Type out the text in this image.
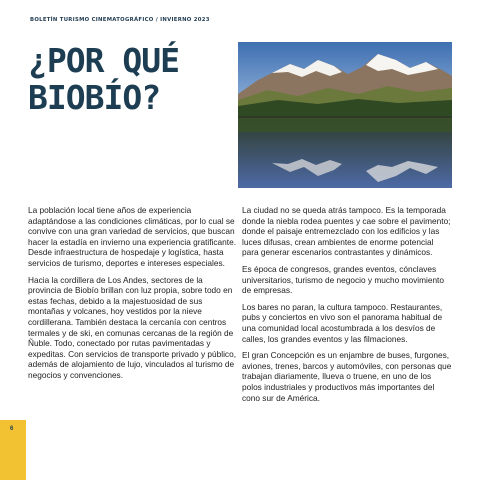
BOLETÍN TURISMO CINEMATOGRÁFICO / INVIERNO 2023
¿POR QUÉ
BIOBÍO?

La población local tiene años de experiencia adaptándose a las condiciones climáticas, por lo cual se convive con una gran variedad de servicios, que buscan hacer la estadía en invierno una experiencia gratificante. Desde infraestructura de hospedaje y logística, hasta servicios de turismo, deportes e intereses especiales.

Hacia la cordillera de Los Andes, sectores de la provincia de Biobío brillan con luz propia, sobre todo en estas fechas, debido a la majestuosidad de sus montañas y volcanes, hoy vestidos por la nieve cordillerana. También destaca la cercanía con centros termales y de ski, en comunas cercanas de la región de Ñuble. Todo, conectado por rutas pavimentadas y expeditas. Con servicios de transporte privado y público, además de alojamiento de lujo, vinculados al turismo de negocios y convenciones.

La ciudad no se queda atrás tampoco. Es la temporada donde la niebla rodea puentes y cae sobre el pavimento; donde el paisaje entremezclado con los edificios y las luces difusas, crean ambientes de enorme potencial para generar escenarios contrastantes y dinámicos.

Es época de congresos, grandes eventos, cónclaves universitarios, turismo de negocio y mucho movimiento de empresas.

Los bares no paran, la cultura tampoco. Restaurantes, pubs y conciertos en vivo son el panorama habitual de una comunidad local acostumbrada a los desvíos de calles, los grandes eventos y las filmaciones.

El gran Concepción es un enjambre de buses, furgones, aviones, trenes, barcos y automóviles, con personas que trabajan diariamente, llueva o truene, en uno de los polos industriales y productivos más importantes del cono sur de América.

6
